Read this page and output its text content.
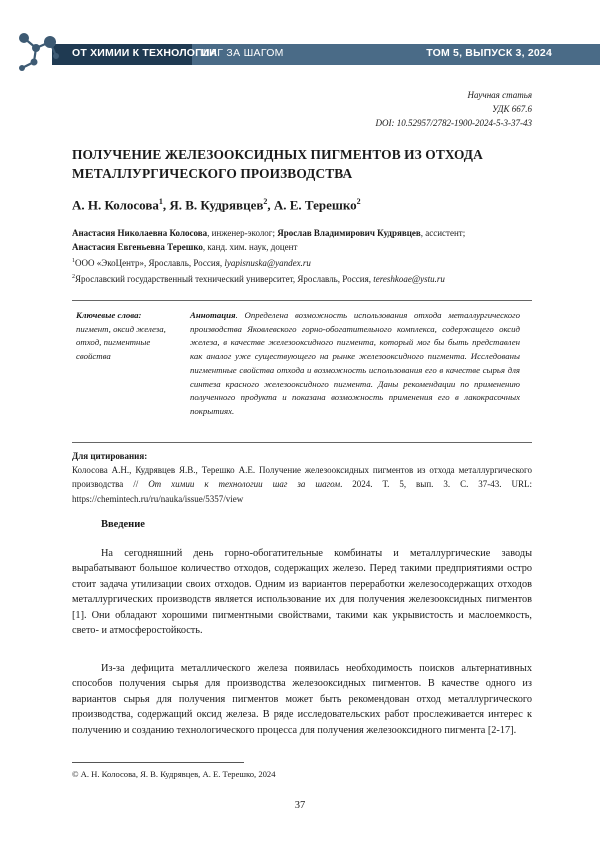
ОТ ХИМИИ К ТЕХНОЛОГИИ
ШАГ ЗА ШАГОМ	ТОМ 5, ВЫПУСК 3, 2024
Научная статья
УДК 667.6
DOI: 10.52957/2782-1900-2024-5-3-37-43
ПОЛУЧЕНИЕ ЖЕЛЕЗООКСИДНЫХ ПИГМЕНТОВ ИЗ ОТХОДА
МЕТАЛЛУРГИЧЕСКОГО ПРОИЗВОДСТВА
А. Н. Колосова$^1$, Я. В. Кудрявцев$^2$, А. Е. Терешко$^2$
Анастасия Николаевна Колосова, инженер-эколог; Ярослав Владимирович Кудрявцев, ассистент;
Анастасия Евгеньевна Терешко, канд. хим. наук, доцент
$^1$ООО «ЭкоЦентр», Ярославль, Россия, lyapisnuska@yandex.ru
$^2$Ярославский государственный технический университет, Ярославль, Россия, tereshkoae@ystu.ru
Ключевые слова:
пигмент, оксид железа,
отход, пигментные
свойства
Аннотация. Определена возможность использования отхода металлургического производства Яковлевского горно-обогатительного комплекса, содержащего оксид железа, в качестве железооксидного пигмента, который мог бы быть представлен как аналог уже существующего на рынке железооксидного пигмента. Исследованы пигментные свойства отхода и возможность использования его в качестве сырья для синтеза красного железооксидного пигмента. Даны рекомендации по применению полученного продукта и показана возможность применения его в лакокрасочных покрытиях.
Для цитирования:
Колосова А.Н., Кудрявцев Я.В., Терешко А.Е. Получение железооксидных пигментов из отхода металлургического производства // От химии к технологии шаг за шагом. 2024. Т. 5, вып. 3. С. 37-43. URL: https://chemintech.ru/ru/nauka/issue/5357/view
Введение
На сегодняшний день горно-обогатительные комбинаты и металлургические заводы вырабатывают большое количество отходов, содержащих железо. Перед такими предприятиями остро стоит задача утилизации своих отходов. Одним из вариантов переработки железосодержащих отходов металлургических производств является использование их для получения железооксидных пигментов [1]. Они обладают хорошими пигментными свойствами, такими как укрывистость и маслоемкость, свето- и атмосферостойкость.
Из-за дефицита металлического железа появилась необходимость поисков альтернативных способов получения сырья для производства железооксидных пигментов. В качестве одного из вариантов сырья для получения пигментов может быть рекомендован отход металлургического производства, содержащий оксид железа. В ряде исследовательских работ прослеживается интерес к получению и созданию технологического процесса для получения железооксидного пигмента [2-17].
© А. Н. Колосова, Я. В. Кудрявцев, А. Е. Терешко, 2024
37
